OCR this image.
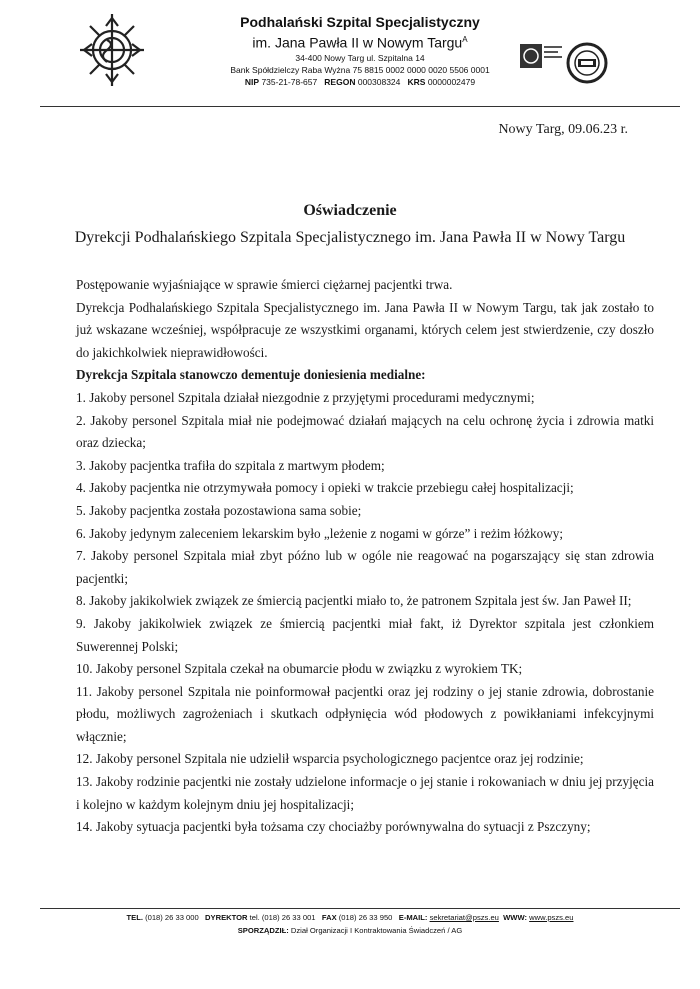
Podhalański Szpital Specjalistyczny
im. Jana Pawła II w Nowym Targu$^A$
34-400 Nowy Targ ul. Szpitalna 14
Bank Spółdzielczy Raba Wyżna 75 8815 0002 0000 0020 5506 0001
NIP 735-21-78-657 REGON 000308324 KRS 0000002479
Nowy Targ, 09.06.23 r.
Oświadczenie
Dyrekcji Podhalańskiego Szpitala Specjalistycznego im. Jana Pawła II w Nowy Targu

Postępowanie wyjaśniające w sprawie śmierci ciężarnej pacjentki trwa.

Dyrekcja Podhalańskiego Szpitala Specjalistycznego im. Jana Pawła II w Nowym Targu, tak jak zostało to już wskazane wcześniej, współpracuje ze wszystkimi organami, których celem jest stwierdzenie, czy doszło do jakichkolwiek nieprawidłowości.

Dyrekcja Szpitala stanowczo dementuje doniesienia medialne:

1. Jakoby personel Szpitala działał niezgodnie z przyjętymi procedurami medycznymi;

2. Jakoby personel Szpitala miał nie podejmować działań mających na celu ochronę życia i zdrowia matki oraz dziecka;

3. Jakoby pacjentka trafiła do szpitala z martwym płodem;

4. Jakoby pacjentka nie otrzymywała pomocy i opieki w trakcie przebiegu całej hospitalizacji;

5. Jakoby pacjentka została pozostawiona sama sobie;

6. Jakoby jedynym zaleceniem lekarskim było „leżenie z nogami w górze” i reżim łóżkowy;

7. Jakoby personel Szpitala miał zbyt późno lub w ogóle nie reagować na pogarszający się stan zdrowia pacjentki;

8. Jakoby jakikolwiek związek ze śmiercią pacjentki miało to, że patronem Szpitala jest św. Jan Paweł II;

9. Jakoby jakikolwiek związek ze śmiercią pacjentki miał fakt, iż Dyrektor szpitala jest członkiem Suwerennej Polski;

10. Jakoby personel Szpitala czekał na obumarcie płodu w związku z wyrokiem TK;

11. Jakoby personel Szpitala nie poinformował pacjentki oraz jej rodziny o jej stanie zdrowia, dobrostanie płodu, możliwych zagrożeniach i skutkach odpłynięcia wód płodowych z powikłaniami infekcyjnymi włącznie;

12. Jakoby personel Szpitala nie udzielił wsparcia psychologicznego pacjentce oraz jej rodzinie;

13. Jakoby rodzinie pacjentki nie zostały udzielone informacje o jej stanie i rokowaniach w dniu jej przyjęcia i kolejno w każdym kolejnym dniu jej hospitalizacji;

14. Jakoby sytuacja pacjentki była tożsama czy chociażby porównywalna do sytuacji z Pszczyny;

TEL. (018) 26 33 000 DYREKTOR tel. (018) 26 33 001 FAX (018) 26 33 950 E-MAIL: sekretariat@pszs.eu WWW: www.pszs.eu
SPORZĄDZIŁ: Dział Organizacji I Kontraktowania Świadczeń / AG
